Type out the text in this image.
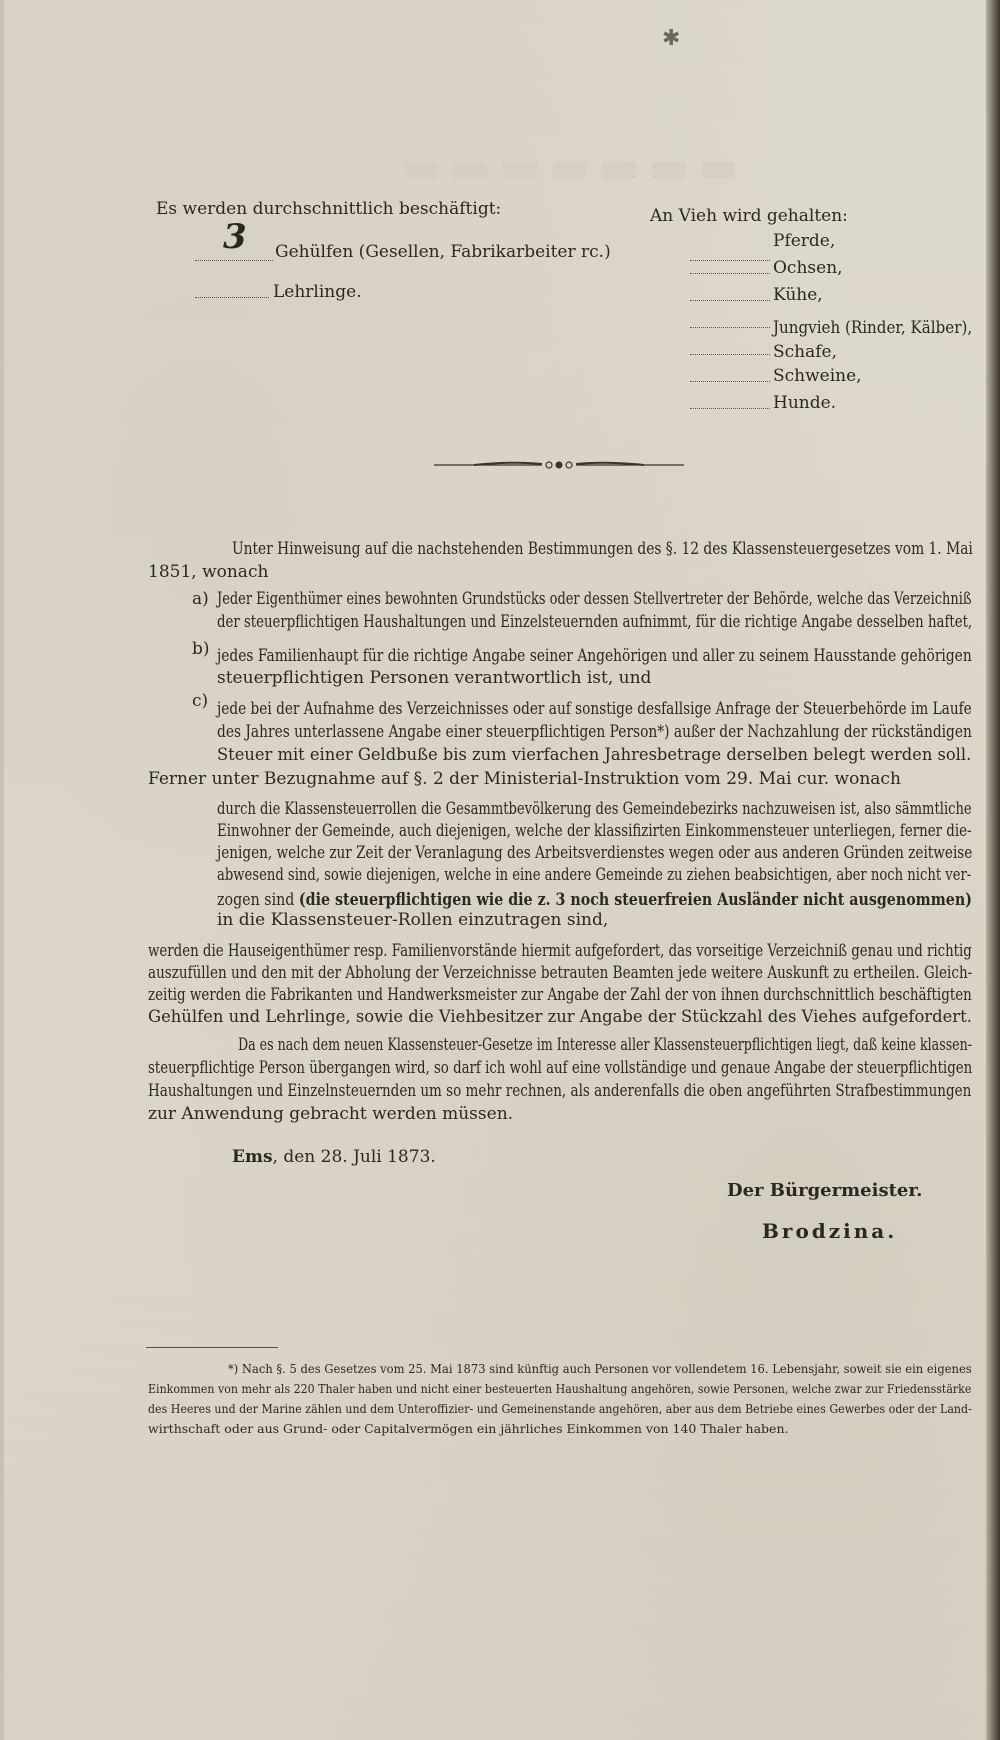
▬▬▬▬▬▬▬
✱
Es werden durchschnittlich beschäftigt:	An Vieh wird gehalten:
3 Gehülfen (Gesellen, Fabrikarbeiter rc.)
Lehrlinge.
Pferde,
Ochsen,
Kühe,
Jungvieh (Rinder, Kälber),
Schafe,
Schweine,
Hunde.
Unter Hinweisung auf die nachstehenden Bestimmungen des §. 12 des Klassensteuergesetzes vom 1. Mai
1851, wonach
a) Jeder Eigenthümer eines bewohnten Grundstücks oder dessen Stellvertreter der Behörde, welche das Verzeichniß
der steuerpflichtigen Haushaltungen und Einzelsteuernden aufnimmt, für die richtige Angabe desselben haftet,
b) jedes Familienhaupt für die richtige Angabe seiner Angehörigen und aller zu seinem Hausstande gehörigen
steuerpflichtigen Personen verantwortlich ist, und
c) jede bei der Aufnahme des Verzeichnisses oder auf sonstige desfallsige Anfrage der Steuerbehörde im Laufe
des Jahres unterlassene Angabe einer steuerpflichtigen Person*) außer der Nachzahlung der rückständigen
Steuer mit einer Geldbuße bis zum vierfachen Jahresbetrage derselben belegt werden soll.
Ferner unter Bezugnahme auf §. 2 der Ministerial-Instruktion vom 29. Mai cur. wonach
durch die Klassensteuerrollen die Gesammtbevölkerung des Gemeindebezirks nachzuweisen ist, also sämmtliche
Einwohner der Gemeinde, auch diejenigen, welche der klassifizirten Einkommensteuer unterliegen, ferner die-
jenigen, welche zur Zeit der Veranlagung des Arbeitsverdienstes wegen oder aus anderen Gründen zeitweise
abwesend sind, sowie diejenigen, welche in eine andere Gemeinde zu ziehen beabsichtigen, aber noch nicht ver-
zogen sind (die steuerpflichtigen wie die z. 3 noch steuerfreien Ausländer nicht ausgenommen)
in die Klassensteuer-Rollen einzutragen sind,
werden die Hauseigenthümer resp. Familienvorstände hiermit aufgefordert, das vorseitige Verzeichniß genau und richtig
auszufüllen und den mit der Abholung der Verzeichnisse betrauten Beamten jede weitere Auskunft zu ertheilen. Gleich-
zeitig werden die Fabrikanten und Handwerksmeister zur Angabe der Zahl der von ihnen durchschnittlich beschäftigten
Gehülfen und Lehrlinge, sowie die Viehbesitzer zur Angabe der Stückzahl des Viehes aufgefordert.
Da es nach dem neuen Klassensteuer-Gesetze im Interesse aller Klassensteuerpflichtigen liegt, daß keine klassen-
steuerpflichtige Person übergangen wird, so darf ich wohl auf eine vollständige und genaue Angabe der steuerpflichtigen
Haushaltungen und Einzelnsteuernden um so mehr rechnen, als anderenfalls die oben angeführten Strafbestimmungen
zur Anwendung gebracht werden müssen.
Ems, den 28. Juli 1873.
Der Bürgermeister.
Brodzina.
*) Nach §. 5 des Gesetzes vom 25. Mai 1873 sind künftig auch Personen vor vollendetem 16. Lebensjahr, soweit sie ein eigenes
Einkommen von mehr als 220 Thaler haben und nicht einer besteuerten Haushaltung angehören, sowie Personen, welche zwar zur Friedensstärke
des Heeres und der Marine zählen und dem Unteroffizier- und Gemeinenstande angehören, aber aus dem Betriebe eines Gewerbes oder der Land-
wirthschaft oder aus Grund- oder Capitalvermögen ein jährliches Einkommen von 140 Thaler haben.
